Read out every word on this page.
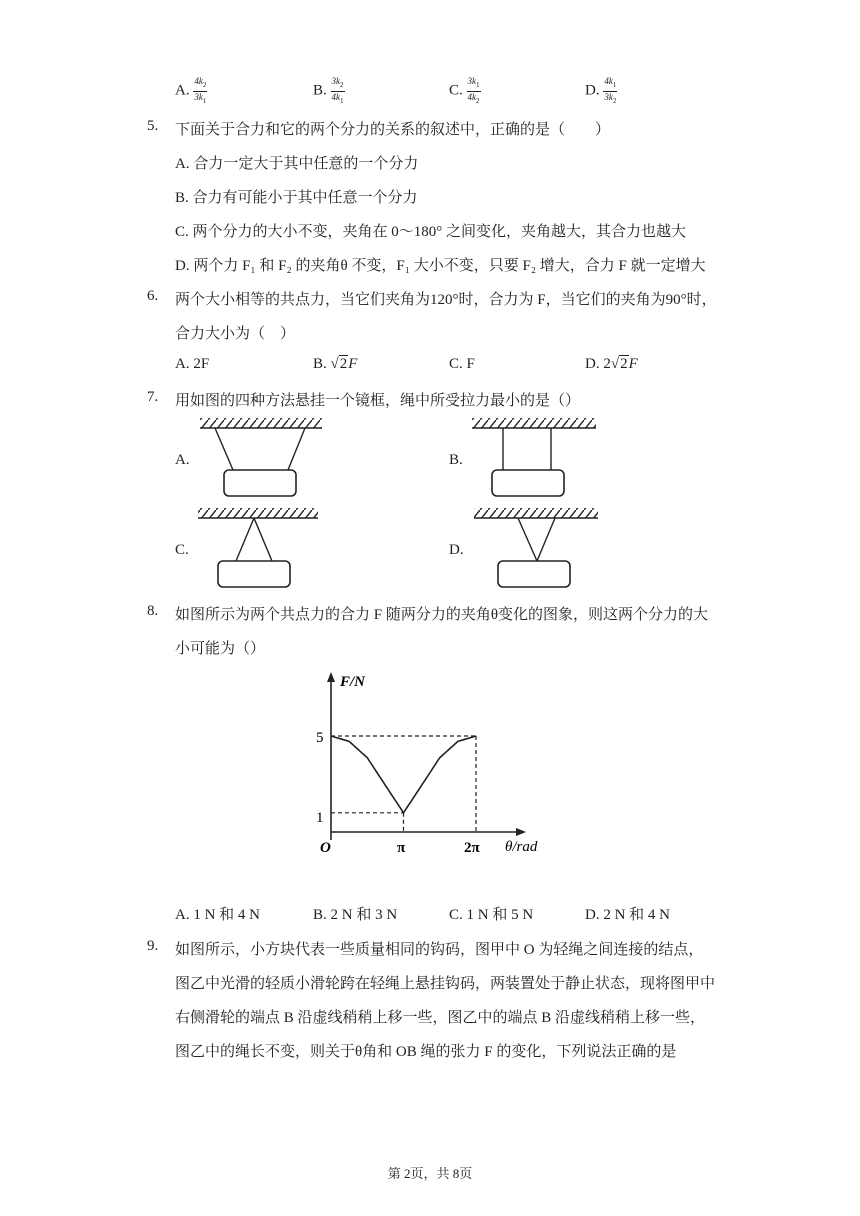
A. $\frac{4k_2}{3k_1}$	B. $\frac{3k_2}{4k_1}$	C. $\frac{3k_1}{4k_2}$	D. $\frac{4k_1}{3k_2}$
5. 下面关于合力和它的两个分力的关系的叙述中，正确的是（　　）
A. 合力一定大于其中任意的一个分力
B. 合力有可能小于其中任意一个分力
C. 两个分力的大小不变，夹角在 0～180° 之间变化，夹角越大，其合力也越大
D. 两个力 F₁ 和 F₂ 的夹角θ 不变，F₁ 大小不变，只要 F₂ 增大，合力 F 就一定增大
6. 两个大小相等的共点力，当它们夹角为120°时，合力为 F，当它们的夹角为90°时，
合力大小为（　）
A. 2F	B. √2F	C. F	D. 2√2F
7. 用如图的四种方法悬挂一个镜框，绳中所受拉力最小的是（）
A.	B.
C.	D.
8. 如图所示为两个共点力的合力 F 随两分力的夹角θ变化的图象，则这两个分力的大
小可能为（）
F/N
θ/rad
O
5
1
π	2π
A. 1 N 和 4 N	B. 2 N 和 3 N	C. 1 N 和 5 N	D. 2 N 和 4 N
9. 如图所示，小方块代表一些质量相同的钩码，图甲中 O 为轻绳之间连接的结点，
图乙中光滑的轻质小滑轮跨在轻绳上悬挂钩码，两装置处于静止状态，现将图甲中
右侧滑轮的端点 B 沿虚线稍稍上移一些，图乙中的端点 B 沿虚线稍稍上移一些，
图乙中的绳长不变，则关于θ角和 OB 绳的张力 F 的变化，下列说法正确的是
第 2页，共 8页
